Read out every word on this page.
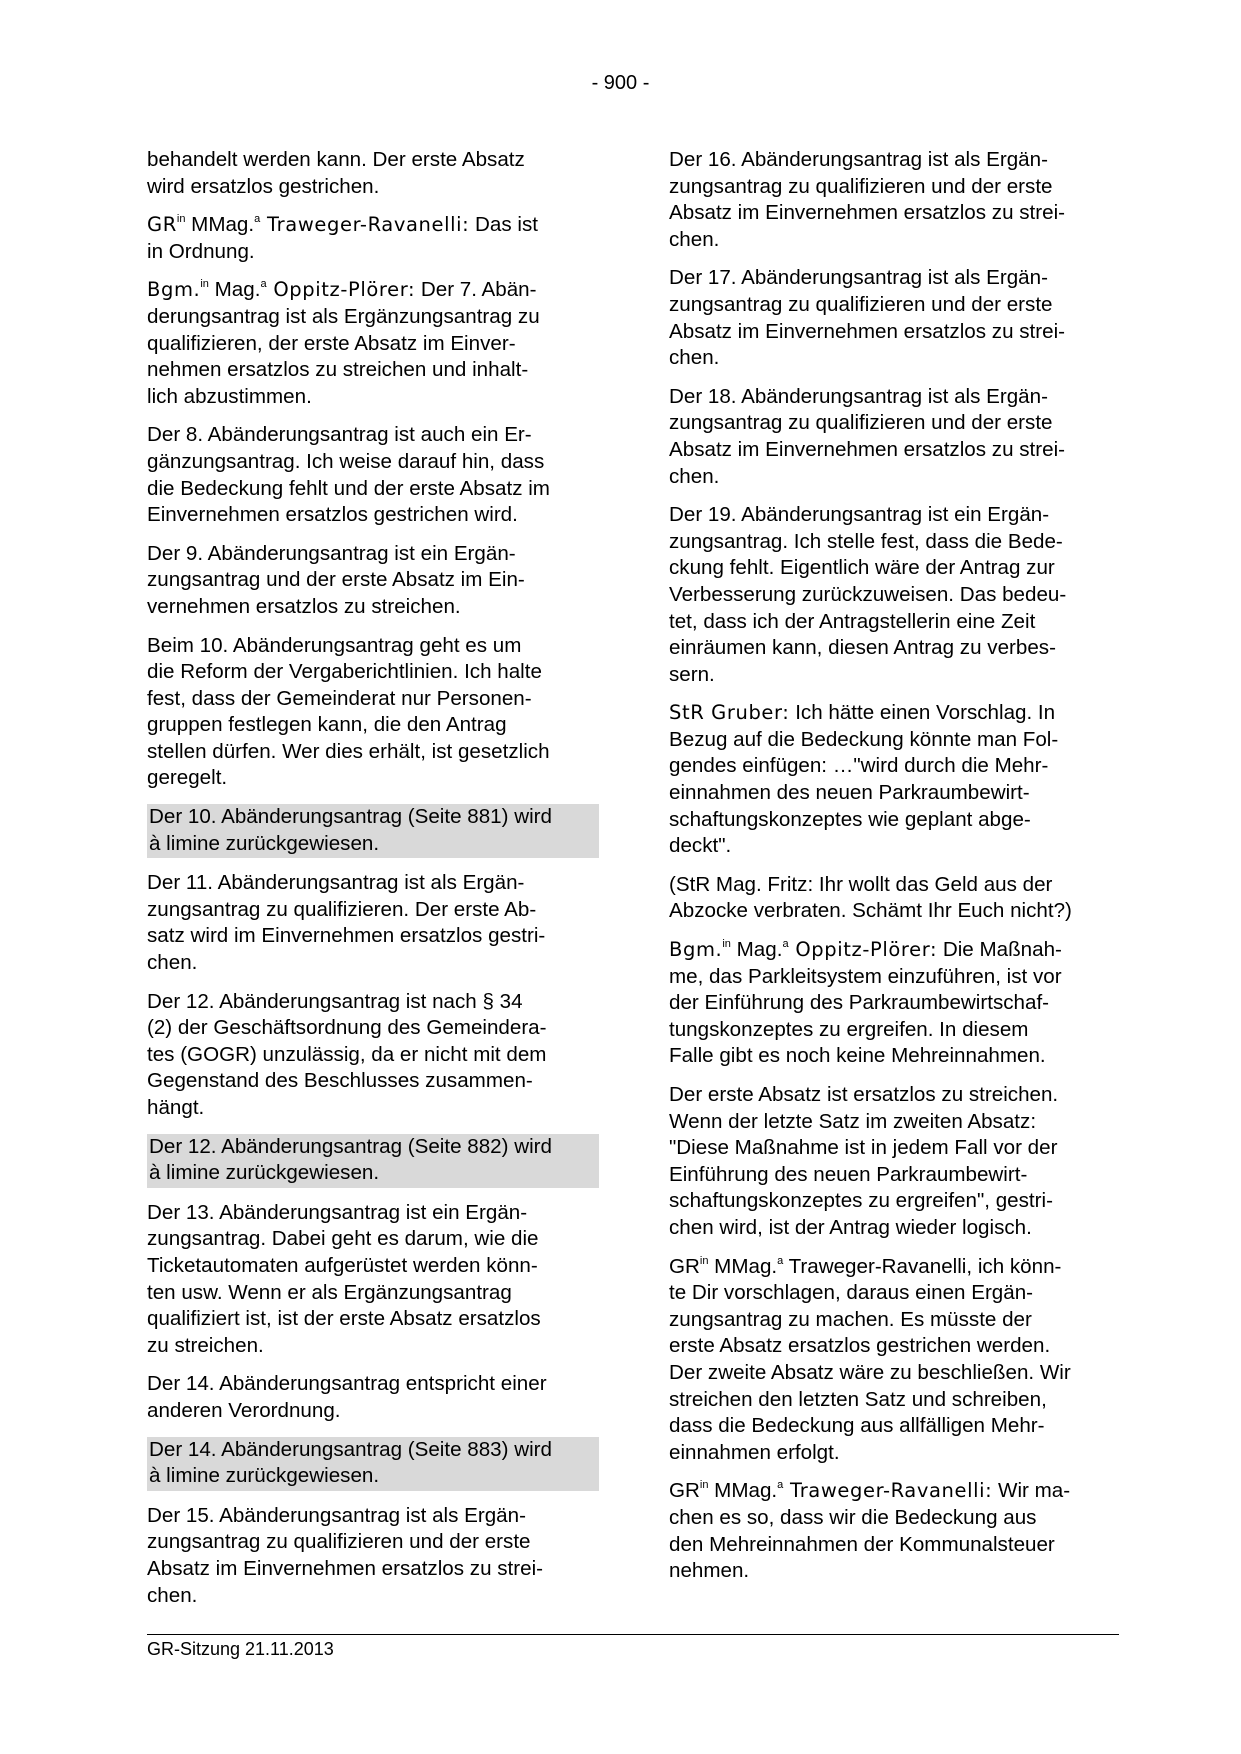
- 900 -

behandelt werden kann. Der erste Absatz
wird ersatzlos gestrichen.

$GR^{in}$ MMag.$^a$ Traweger-Ravanelli: Das ist
in Ordnung.

Bgm.$^{in}$ Mag.$^a$ Oppitz-Plörer: Der 7. Abän-
derungsantrag ist als Ergänzungsantrag zu
qualifizieren, der erste Absatz im Einver-
nehmen ersatzlos zu streichen und inhalt-
lich abzustimmen.

Der 8. Abänderungsantrag ist auch ein Er-
gänzungsantrag. Ich weise darauf hin, dass
die Bedeckung fehlt und der erste Absatz im
Einvernehmen ersatzlos gestrichen wird.

Der 9. Abänderungsantrag ist ein Ergän-
zungsantrag und der erste Absatz im Ein-
vernehmen ersatzlos zu streichen.

Beim 10. Abänderungsantrag geht es um
die Reform der Vergaberichtlinien. Ich halte
fest, dass der Gemeinderat nur Personen-
gruppen festlegen kann, die den Antrag
stellen dürfen. Wer dies erhält, ist gesetzlich
geregelt.

Der 10. Abänderungsantrag (Seite 881) wird
à limine zurückgewiesen.

Der 11. Abänderungsantrag ist als Ergän-
zungsantrag zu qualifizieren. Der erste Ab-
satz wird im Einvernehmen ersatzlos gestri-
chen.

Der 12. Abänderungsantrag ist nach § 34
(2) der Geschäftsordnung des Gemeindera-
tes (GOGR) unzulässig, da er nicht mit dem
Gegenstand des Beschlusses zusammen-
hängt.

Der 12. Abänderungsantrag (Seite 882) wird
à limine zurückgewiesen.

Der 13. Abänderungsantrag ist ein Ergän-
zungsantrag. Dabei geht es darum, wie die
Ticketautomaten aufgerüstet werden könn-
ten usw. Wenn er als Ergänzungsantrag
qualifiziert ist, ist der erste Absatz ersatzlos
zu streichen.

Der 14. Abänderungsantrag entspricht einer
anderen Verordnung.

Der 14. Abänderungsantrag (Seite 883) wird
à limine zurückgewiesen.

Der 15. Abänderungsantrag ist als Ergän-
zungsantrag zu qualifizieren und der erste
Absatz im Einvernehmen ersatzlos zu strei-
chen.

Der 16. Abänderungsantrag ist als Ergän-
zungsantrag zu qualifizieren und der erste
Absatz im Einvernehmen ersatzlos zu strei-
chen.

Der 17. Abänderungsantrag ist als Ergän-
zungsantrag zu qualifizieren und der erste
Absatz im Einvernehmen ersatzlos zu strei-
chen.

Der 18. Abänderungsantrag ist als Ergän-
zungsantrag zu qualifizieren und der erste
Absatz im Einvernehmen ersatzlos zu strei-
chen.

Der 19. Abänderungsantrag ist ein Ergän-
zungsantrag. Ich stelle fest, dass die Bede-
ckung fehlt. Eigentlich wäre der Antrag zur
Verbesserung zurückzuweisen. Das bedeu-
tet, dass ich der Antragstellerin eine Zeit
einräumen kann, diesen Antrag zu verbes-
sern.

StR Gruber: Ich hätte einen Vorschlag. In
Bezug auf die Bedeckung könnte man Fol-
gendes einfügen: …"wird durch die Mehr-
einnahmen des neuen Parkraumbewirt-
schaftungskonzeptes wie geplant abge-
deckt".

(StR Mag. Fritz: Ihr wollt das Geld aus der
Abzocke verbraten. Schämt Ihr Euch nicht?)

Bgm.$^{in}$ Mag.$^a$ Oppitz-Plörer: Die Maßnah-
me, das Parkleitsystem einzuführen, ist vor
der Einführung des Parkraumbewirtschaf-
tungskonzeptes zu ergreifen. In diesem
Falle gibt es noch keine Mehreinnahmen.

Der erste Absatz ist ersatzlos zu streichen.
Wenn der letzte Satz im zweiten Absatz:
"Diese Maßnahme ist in jedem Fall vor der
Einführung des neuen Parkraumbewirt-
schaftungskonzeptes zu ergreifen", gestri-
chen wird, ist der Antrag wieder logisch.

$GR^{in}$ MMag.$^a$ Traweger-Ravanelli, ich könn-
te Dir vorschlagen, daraus einen Ergän-
zungsantrag zu machen. Es müsste der
erste Absatz ersatzlos gestrichen werden.
Der zweite Absatz wäre zu beschließen. Wir
streichen den letzten Satz und schreiben,
dass die Bedeckung aus allfälligen Mehr-
einnahmen erfolgt.

$GR^{in}$ MMag.$^a$ Traweger-Ravanelli: Wir ma-
chen es so, dass wir die Bedeckung aus
den Mehreinnahmen der Kommunalsteuer
nehmen.

GR-Sitzung 21.11.2013
